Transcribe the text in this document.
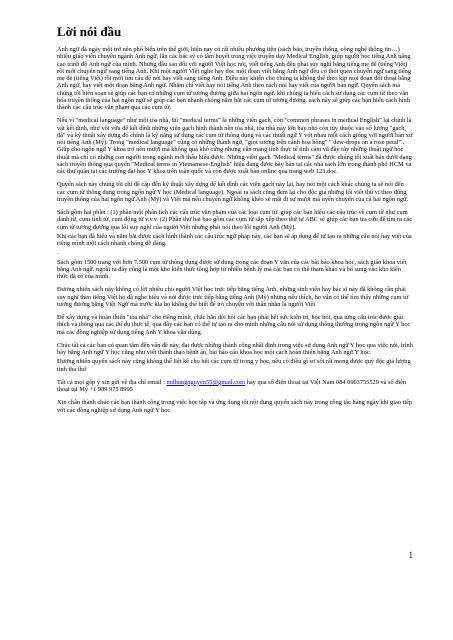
Lời nói đầu

Anh ngữ đã ngày một trở nên phổ biến trên thế giới, hiện nay có rất nhiều phương tiện (sách báo, truyền thông, công nghệ thông tin…) nhiều giáo viên chuyên ngành Anh ngữ, lẫn các bác sỹ có tâm huyết trong việc truyền dạy Medical English, giúp người học tiếng Anh nâng cao trình độ Anh ngữ của mình. Nhưng đâu sao đối với người Việt học nói, viết tiếng Anh đều phải suy nghĩ bằng tiếng mẹ đẻ (tiếng Việt) rồi mới chuyển ngữ sang tiếng Anh. Khi một người Việt nghe hay đọc một đoạn viết bằng Anh ngữ đều có thói quen chuyển ngữ sang tiếng mẹ đẻ (tiếng Việt) rồi mới tìm câu để nói hay viết sang tiếng Anh. Điều này khiến cho chúng ta không thể theo kịp mọi đoạn đối thoại bằng Anh ngữ, hay viết một đoạn bằng Anh ngữ. Nhằm chỉ viết hay nói tiếng Anh theo cách nói hay viết của người bản ngữ. Quyển sách mà chúng tôi biên soạn sẽ giúp các bạn có những cụm từ tương đương giữa hai ngôn ngữ. khi chúng ta hiểu cách sử dụng các cụm từ theo văn hóa truyền thống của hai ngôn ngữ sẽ giúp các bạn nhanh chóng nắm bắt các cụm từ tương đương. sách này sẽ giúp các bạn hiểu cách hình thành các cấu trúc văn phạm qua các cụm từ.

Nếu ví "medical language" như một tòa nhà, thì "medical terms" là những viên gạch, còn "common phrases in medical English" lại chính là vật kết dính, như vôi vữa để kết dính những viên gạch hình thành nên tòa nhà, tòa nhà này lớn hay nhỏ còn tùy thuộc vào số lượng "gạch, đá" và kỹ thuật xây dựng đó chính là kỹ năng sử dụng các cụm từ thông dụng và các thuật ngữ Y với nhau một cách giống với người bản xứ nói tiếng Anh (Mỹ). Trong "medical language" cũng có những thành ngữ, "giọt sương trên cánh hoa hồng" " dew-drops on a rose petal" . Giúp cho ngôn ngữ Y khoa trở nên mượt mà không quá khô cứng nhưng vẫn mang tính thực tế tinh cảm và đầy rẫy những thuật ngữ học thuật mà chỉ có những con người trong ngành mới thấu hiểu được. Những viên gạch "Medical terms" đã được chúng tôi xuất bản dưới dạng sách truyền thống qua quyển "Medical terms in Vietnamese-English" hiện đang được bày bán tại các nhà sách lớn trong thành phố HCM và các thư quán tại các trường đại học Y khoa trên toàn quốc và còn được xuất bản online qua trang web 123.doc.

Quyển sách này chúng tôi chỉ đề cập đến kỹ thuật xây dựng để kết dính các viên gạch này lại, hay nói một cách khác chúng ta sẽ nói đến các cụm từ thông dụng trong ngôn ngữ Y học (Medical language). Ngoài ra sách cũng đem lại cho độc giả những lối viết thú vị theo đúng truyền thống của hai ngôn ngữ Anh (Mỹ) và Việt mà nếu chuyển ngữ không khéo sẽ mất đi sự mượt mà uyển chuyển của cả hai ngôn ngữ.

Sách gồm hai phần : (1) phần một phân tích các cấu trúc văn phạm của các loại cụm từ. giúp các bạn hiểu các cấu trúc về cụm từ như cụm danh từ, cụm tính từ, cụm động từ v.v.v. (2) Phần thứ hai bao gồm các cụm từ sắp xếp theo thứ tự ABC sẽ giúp các bạn tra cứu để tìm ra các cụm từ tương đương qua lối suy nghĩ của người Việt nhưng phải nói theo lối người Anh (Mỹ).

Khi các bạn đã hiểu và nắm bắt được cách hình thành các cấu trúc ngữ pháp này, các bạn sẽ áp dụng để tự tạo ra những câu nói hay viết của riêng mình một cách nhanh chóng dễ dàng.

.

Sách gồm 1500 trang với hơn 7.500 cụm từ thông dụng được sử dụng trong các đoạn Y văn của các bài báo khoa học, sách giáo khoa viết bằng Anh ngữ. ngoài ra đây cũng là một kho kiến thức tổng hợp từ nhiều bệnh lý mà các bạn có thể tham khảo và bổ sung vào kho kiến thức đã có của mình.

Đương nhiên sách này không có lời nhiều cho người Việt học trực tiếp bằng tiếng Anh, những sinh viên hay bác sĩ này đã không cần phải suy nghĩ theo tiếng Việt họ đã nghe hiểu và nói được trực tiếp bằng tiếng Anh (Mỹ) nhưng nếu thích, họ vẫn có thể tìm thấy những cụm từ tương đương bằng Việt Ngữ mà trước kia họ không thể biết để trò chuyện với thân nhân là người Việt

Để xây dựng và hoàn thiện "tòa nhà" cho riêng mình, chắc hẳn đòi hỏi các bạn phải hết sức kiên trì, học hỏi, qua từng cấu trúc được giải thích và thông qua các thí dụ thực tế, qua đây các bạn có thể tự tạo ra cho mình những câu nói sử dụng thông thường trong ngôn ngữ Y học mà các đồng nghiệp sử dụng tiếng Anh Y khoa vẫn dùng.

Chúc tất cả các bạn có quan tâm đến vấn đề này, đạt được những thành công nhất định trong việc sử dụng Anh ngữ Y học qua việc nói, trình bày bằng Anh ngữ Y học cũng như viết thành thạo bệnh án, bài báo cáo khoa học một cách hoàn thiện bằng Anh ngữ Y học.

Đương nhiên quyển sách này cũng không thể liệt kê cho hết các cụm từ trong y học, nếu có điều gì sơ sót rất mong được quý độc giả lượng tình tha thứ

Tất cả mọi góp ý xin gửi về địa chỉ email : mdhungnguyen55@gmail.com hay qua số điện thoại tại Việt Nam 084 0903755529 và số điện thoại tại Mỹ +1 989 975 8995

Xin chân thành chúc các bạn thành công trong việc học tập và ứng dụng tốt nội dung quyển sách này trong công tác hàng ngày khi giao tiếp với các đồng nghiệp sử dụng Anh ngữ Y học.

1
